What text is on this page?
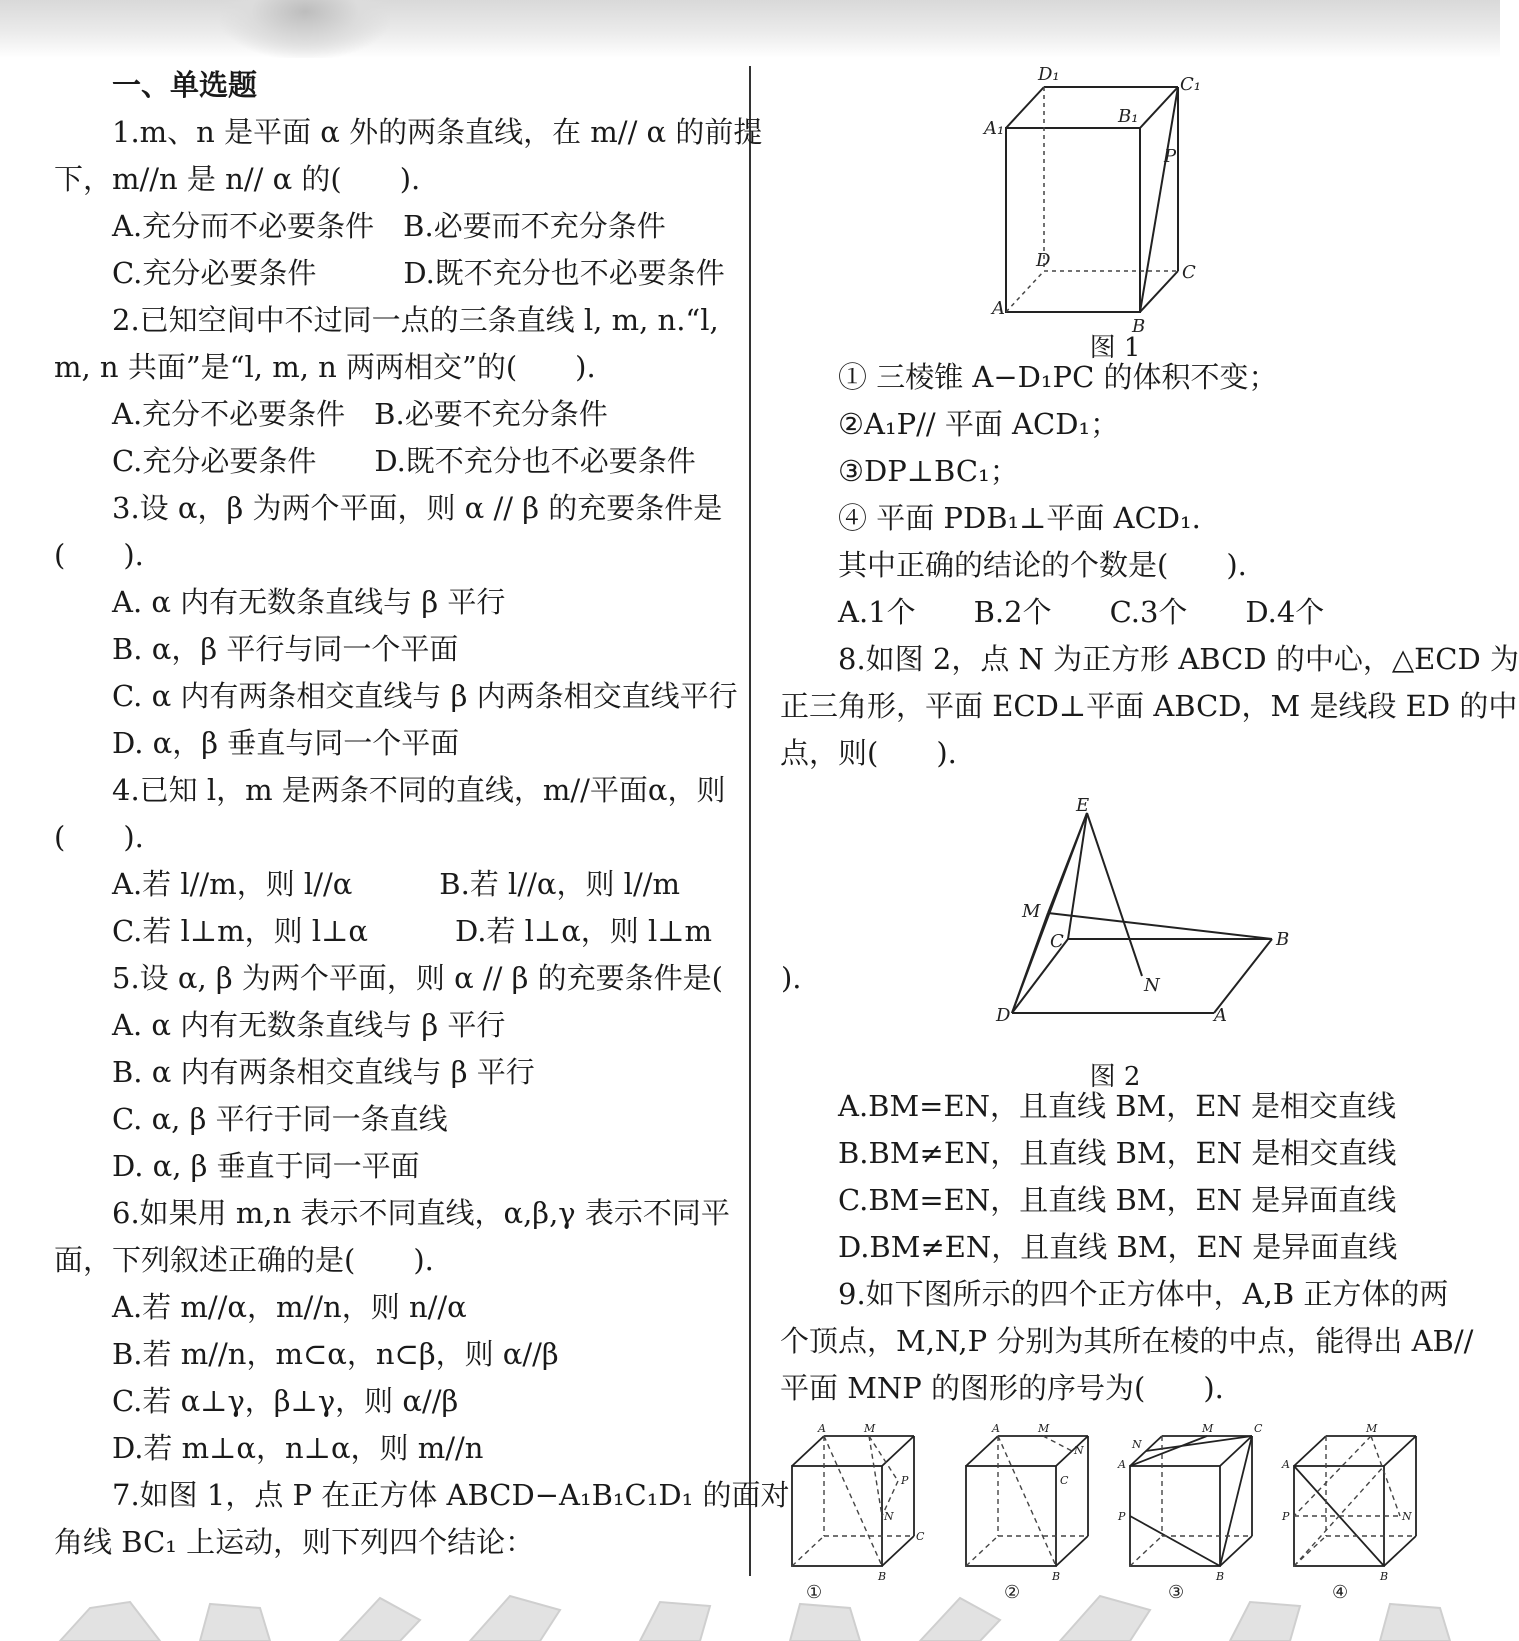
一、单选题
1.m、n 是平面 α 外的两条直线，在 m// α 的前提
下，m//n 是 n// α 的(　　).
A.充分而不必要条件　B.必要而不充分条件
C.充分必要条件　　　D.既不充分也不必要条件
2.已知空间中不过同一点的三条直线 l, m, n.“l,
m, n 共面”是“l, m, n 两两相交”的(　　).
A.充分不必要条件　B.必要不充分条件
C.充分必要条件　　D.既不充分也不必要条件
3.设 α，β 为两个平面，则 α // β 的充要条件是
(　　).
A. α 内有无数条直线与 β 平行
B. α，β 平行与同一个平面
C. α 内有两条相交直线与 β 内两条相交直线平行
D. α，β 垂直与同一个平面
4.已知 l，m 是两条不同的直线，m//平面α，则
(　　).
A.若 l//m，则 l//α　　　B.若 l//α，则 l//m
C.若 l⊥m，则 l⊥α　　　D.若 l⊥α，则 l⊥m
5.设 α, β 为两个平面，则 α // β 的充要条件是(　　).
A. α 内有无数条直线与 β 平行
B. α 内有两条相交直线与 β 平行
C. α, β 平行于同一条直线
D. α, β 垂直于同一平面
6.如果用 m,n 表示不同直线，α,β,γ 表示不同平
面，下列叙述正确的是(　　).
A.若 m//α，m//n，则 n//α
B.若 m//n，m⊂α，n⊂β，则 α//β
C.若 α⊥γ，β⊥γ，则 α//β
D.若 m⊥α，n⊥α，则 m//n
7.如图 1，点 P 在正方体 ABCD−A₁B₁C₁D₁ 的面对
角线 BC₁ 上运动，则下列四个结论：
D₁	C₁
A₁
B₁
P
D
C
A
B
图 1
① 三棱锥 A−D₁PC 的体积不变；
②A₁P// 平面 ACD₁；
③DP⊥BC₁；
④ 平面 PDB₁⊥平面 ACD₁.
其中正确的结论的个数是(　　).
A.1个　　B.2个　　C.3个　　D.4个
8.如图 2，点 N 为正方形 ABCD 的中心，△ECD 为
正三角形，平面 ECD⊥平面 ABCD，M 是线段 ED 的中
点，则(　　).
E
M
C	B
N
D	A
图 2
A.BM=EN，且直线 BM，EN 是相交直线
B.BM≠EN，且直线 BM，EN 是相交直线
C.BM=EN，且直线 BM，EN 是异面直线
D.BM≠EN，且直线 BM，EN 是异面直线
9.如下图所示的四个正方体中，A,B 正方体的两
个顶点，M,N,P 分别为其所在棱的中点，能得出 AB//
平面 MNP 的图形的序号为(　　).
A	M
P
N
C
B
A	M
N
C
B
M	C
N
A
P
B
M
A
P	N
B
①	②	③	④
